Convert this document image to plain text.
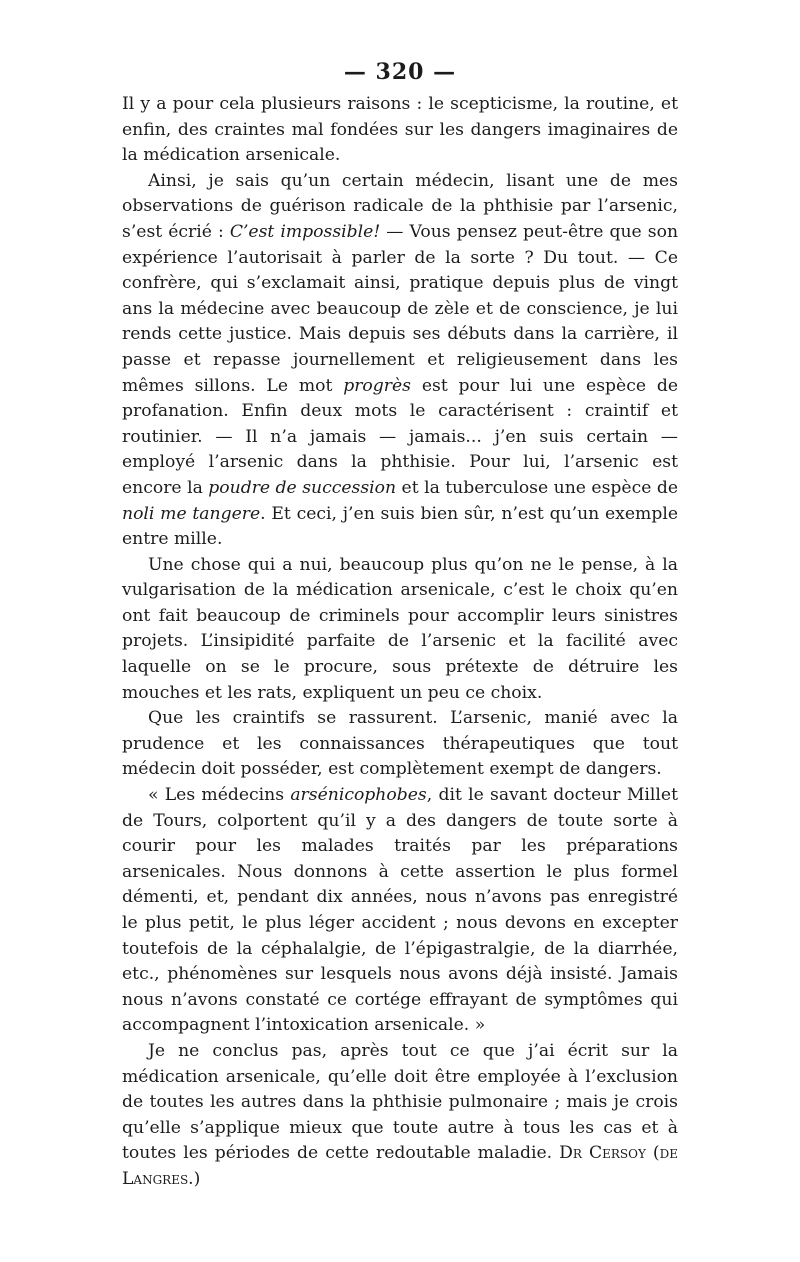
— 320 —

Il y a pour cela plusieurs raisons : le scepticisme, la routine, et enfin, des craintes mal fondées sur les dangers imaginaires de la médication arsenicale.

Ainsi, je sais qu’un certain médecin, lisant une de mes observations de guérison radicale de la phthisie par l’arsenic, s’est écrié : C’est impossible! — Vous pensez peut-être que son expérience l’autorisait à parler de la sorte ? Du tout. — Ce confrère, qui s’exclamait ainsi, pratique depuis plus de vingt ans la médecine avec beaucoup de zèle et de conscience, je lui rends cette justice. Mais depuis ses débuts dans la carrière, il passe et repasse journellement et religieusement dans les mêmes sillons. Le mot progrès est pour lui une espèce de profanation. Enfin deux mots le caractérisent : craintif et routinier. — Il n’a jamais — jamais... j’en suis certain — employé l’arsenic dans la phthisie. Pour lui, l’arsenic est encore la poudre de succession et la tuberculose une espèce de noli me tangere. Et ceci, j’en suis bien sûr, n’est qu’un exemple entre mille.

Une chose qui a nui, beaucoup plus qu’on ne le pense, à la vulgarisation de la médication arsenicale, c’est le choix qu’en ont fait beaucoup de criminels pour accomplir leurs sinistres projets. L’insipidité parfaite de l’arsenic et la facilité avec laquelle on se le procure, sous prétexte de détruire les mouches et les rats, expliquent un peu ce choix.

Que les craintifs se rassurent. L’arsenic, manié avec la prudence et les connaissances thérapeutiques que tout médecin doit posséder, est complètement exempt de dangers.

« Les médecins arsénicophobes, dit le savant docteur Millet de Tours, colportent qu’il y a des dangers de toute sorte à courir pour les malades traités par les préparations arsenicales. Nous donnons à cette assertion le plus formel démenti, et, pendant dix années, nous n’avons pas enregistré le plus petit, le plus léger accident ; nous devons en excepter toutefois de la céphalalgie, de l’épigastralgie, de la diarrhée, etc., phénomènes sur lesquels nous avons déjà insisté. Jamais nous n’avons constaté ce cortége effrayant de symptômes qui accompagnent l’intoxication arsenicale. »

Je ne conclus pas, après tout ce que j’ai écrit sur la médication arsenicale, qu’elle doit être employée à l’exclusion de toutes les autres dans la phthisie pulmonaire ; mais je crois qu’elle s’applique mieux que toute autre à tous les cas et à toutes les périodes de cette redoutable maladie. Dr Cersoy (de Langres.)
